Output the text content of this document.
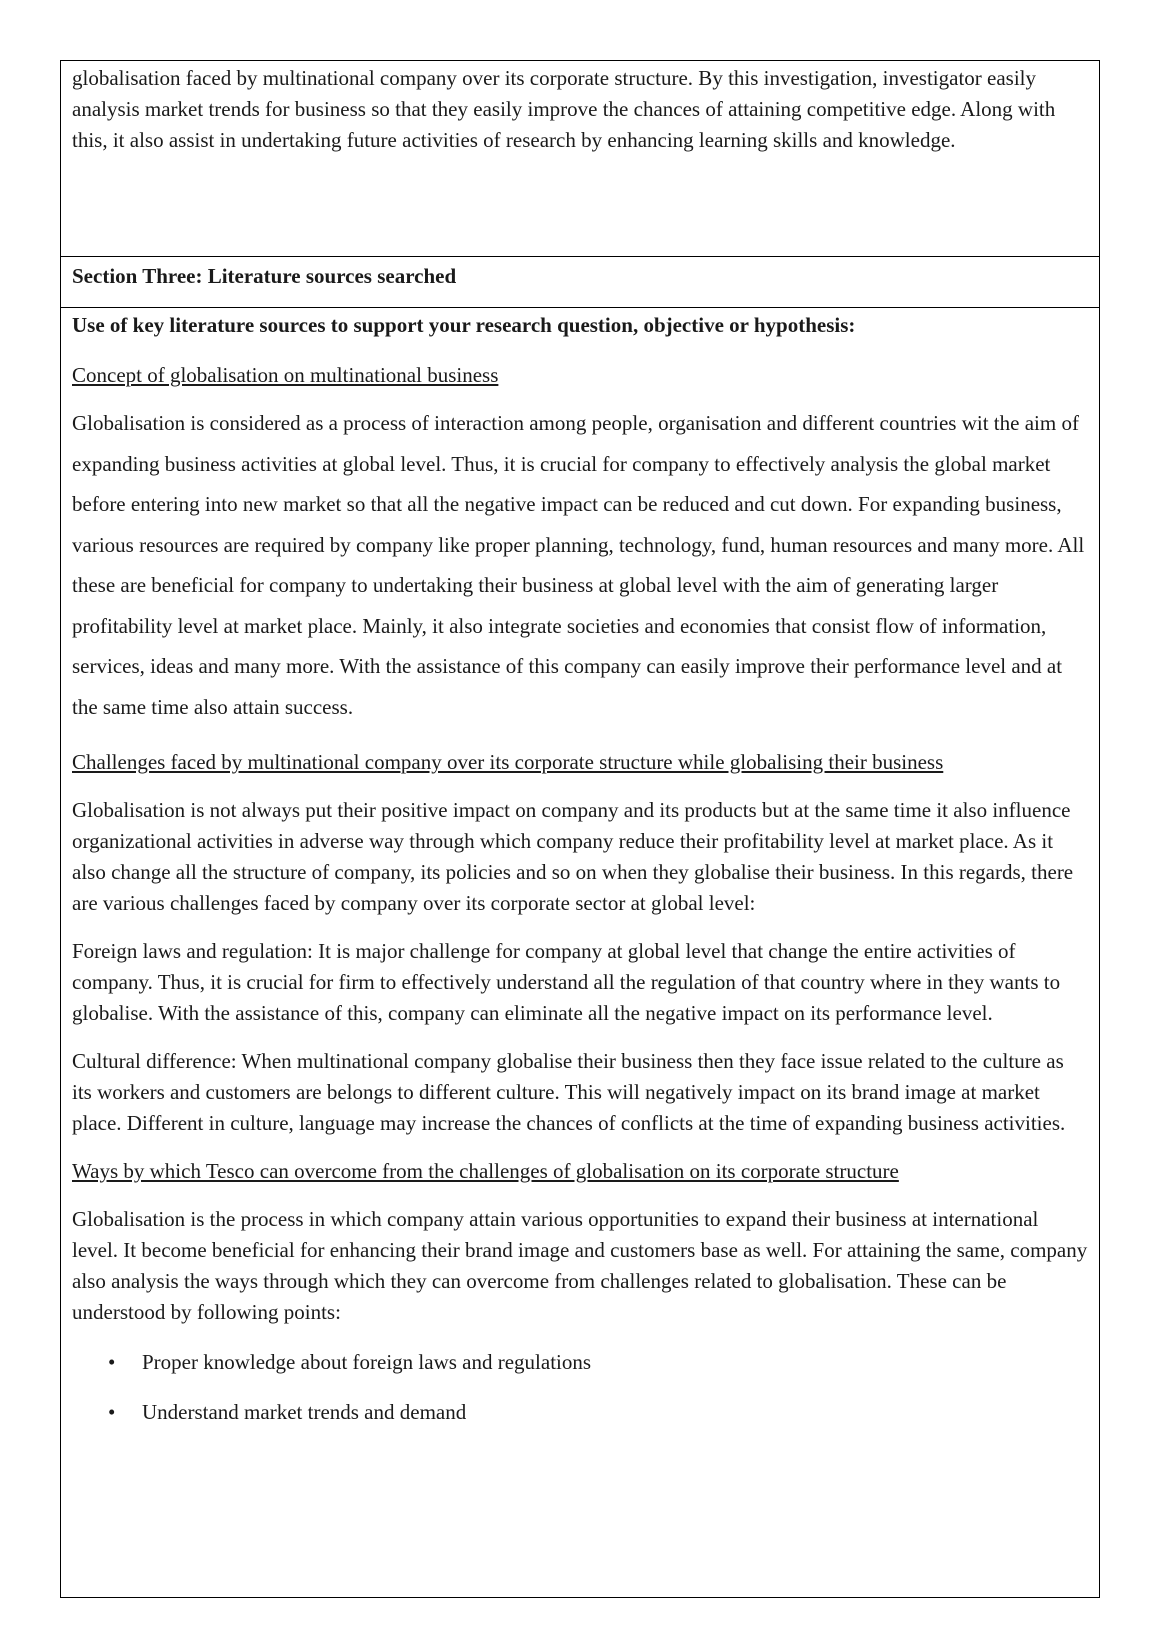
globalisation faced by multinational company over its corporate structure. By this investigation, investigator easily analysis market trends for business so that they easily improve the chances of attaining competitive edge. Along with this, it also assist in undertaking future activities of research by enhancing learning skills and knowledge.

Section Three: Literature sources searched

Use of key literature sources to support your research question, objective or hypothesis:

Concept of globalisation on multinational business

Globalisation is considered as a process of interaction among people, organisation and different countries wit the aim of expanding business activities at global level. Thus, it is crucial for company to effectively analysis the global market before entering into new market so that all the negative impact can be reduced and cut down. For expanding business, various resources are required by company like proper planning, technology, fund, human resources and many more. All these are beneficial for company to undertaking their business at global level with the aim of generating larger profitability level at market place. Mainly, it also integrate societies and economies that consist flow of information, services, ideas and many more. With the assistance of this company can easily improve their performance level and at the same time also attain success.

Challenges faced by multinational company over its corporate structure while globalising their business

Globalisation is not always put their positive impact on company and its products but at the same time it also influence organizational activities in adverse way through which company reduce their profitability level at market place. As it also change all the structure of company, its policies and so on when they globalise their business. In this regards, there are various challenges faced by company over its corporate sector at global level:

Foreign laws and regulation: It is major challenge for company at global level that change the entire activities of company. Thus, it is crucial for firm to effectively understand all the regulation of that country where in they wants to globalise. With the assistance of this, company can eliminate all the negative impact on its performance level.

Cultural difference: When multinational company globalise their business then they face issue related to the culture as its workers and customers are belongs to different culture. This will negatively impact on its brand image at market place. Different in culture, language may increase the chances of conflicts at the time of expanding business activities.

Ways by which Tesco can overcome from the challenges of globalisation on its corporate structure

Globalisation is the process in which company attain various opportunities to expand their business at international level. It become beneficial for enhancing their brand image and customers base as well. For attaining the same, company also analysis the ways through which they can overcome from challenges related to globalisation. These can be understood by following points:

• Proper knowledge about foreign laws and regulations
• Understand market trends and demand
